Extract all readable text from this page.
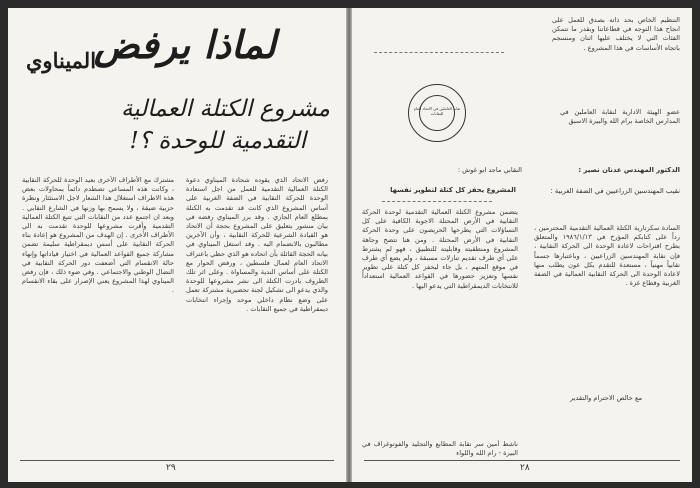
لماذا يرفض
الميناوي
مشروع الكتلة العمالية
التقدمية للوحدة ؟!
رفض الاتحاد الذي يقوده شحادة الميناوي دعوة الكتلة العمالية التقدمية للعمل من اجل استعادة الوحدة للحركة النقابية في الضفة الغربية على أساس المشروع الذي كانت قد تقدمت به الكتلة بمطلع العام الجاري . وقد برر الميناوي رفضه في بيان منشور بتعليق على المشروع بحجة أن الاتحاد هو القيادة الشرعية للحركة النقابية ، وأن الآخرين مطالبون بالانضمام اليه . وقد استغل الميناوي في بيانه الحجة القائلة بأن اتحاده هو الذي حظي باعتراف الاتحاد العام لعمال فلسطين ، ورفض الحوار مع الكتلة على أساس الندية والمساواة . وعلى اثر تلك الظروف بادرت الكتلة الى نشر مشروعها للوحدة والذي يدعو الى تشكيل لجنة تحضيرية مشتركة تعمل على وضع نظام داخلي موحد وإجراء انتخابات ديمقراطية في جميع النقابات .
مشترك مع الأطراف الأخرى بعيد الوحدة للحركة النقابية ، وكانت هذه المساعي تصطدم دائماً بمحاولات بعض هذه الاطراف استغلال هذا الشعار لاجل الاستئثار ونظرة حزبية ضيقة ، ولا يسمح بها وزنها في الشارع النقابي . وبعد ان اجتمع عدد من النقابات التي تتبع الكتلة العمالية التقدمية وأقرت مشروعها للوحدة تقدمت به الى الأطراف الأخرى . إن الهدف من المشروع هو إعادة بناء الحركة النقابية على أسس ديمقراطية سليمة تضمن مشاركة جميع القواعد العمالية في اختيار قياداتها وإنهاء حالة الانقسام التي أضعفت دور الحركة النقابية في النضال الوطني والاجتماعي . وفي ضوء ذلك ، فإن رفض الميناوي لهذا المشروع يعني الإصرار على بقاء الانقسام .
٢٩
التنظيم الخاص بحد ذاته بصدق للعمل على انجاح هذا التوجه في قطاعاتنا وبقدر ما تتمكن الفئات التي لا يختلف عليها اثنان ومنسجم باتجاه الأساسات في هذا المشروع .
عضو الهيئة الادارية لنقابة العاملين في المدارس الخاصة برام الله والبيرة الاسبق
نقابة العاملين في الاتحاد العام للنقابات
النقابي ماجد ابو غوش :
المشروع يحفز كل كتلة لتطوير نفسها
يتضمن مشروع الكتلة العمالية التقدمية لوحدة الحركة النقابية في الأرض المحتلة الاجوبة الكافية على كل التساؤلات التي يطرحها الحريصون على وحدة الحركة النقابية في الأرض المحتلة . ومن هنا تتضح وجاهة المشروع ومنطقيته وقابليته للتطبيق ، فهو لم يشترط على أي طرف تقديم تنازلات مسبقة ، ولم يضع أي طرف في موقع المتهم ، بل جاء ليحفز كل كتلة على تطوير نفسها وتعزيز حضورها في القواعد العمالية استعداداً للانتخابات الديمقراطية التي يدعو اليها .
ناشط أمين سر نقابة المطابع والتجليد والفوتوغراف في البيرة - رام الله واللواء
الدكتور المهندس عدنان نصير :
نقيب المهندسين الزراعيين في الضفة الغربية :
السادة سكرتارية الكتلة العمالية التقدمية المحترمين ، رداً على كتابكم المؤرخ في ١٩٨٦/١/١٣ والمتعلق بطرح اقتراحات لاعادة الوحدة الى الحركة النقابية ، فإن نقابة المهندسين الزراعيين ، وباعتبارها جسماً نقابياً مهنياً ، مستعدة للتقدم بكل عون يطلب منها لاعادة الوحدة الى الحركة النقابية العمالية في الضفة الغربية وقطاع غزة .
مع خالص الاحترام والتقدير
٢٨
